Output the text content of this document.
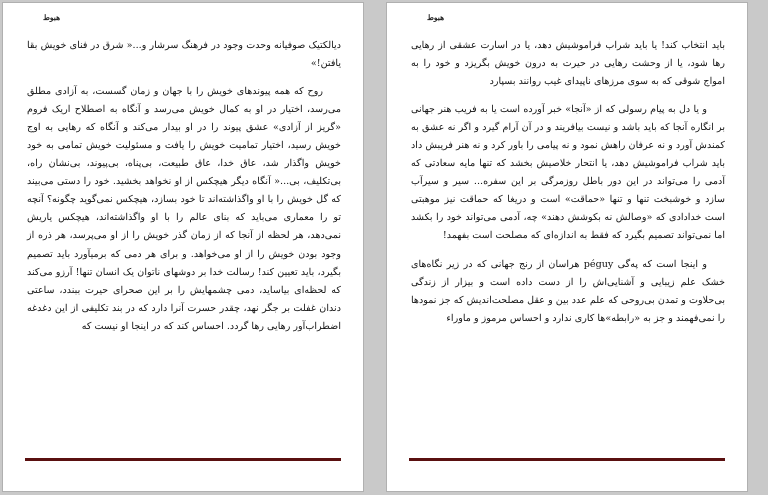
هبوط

دیالکتیک صوفیانه وحدت وجود در فرهنگ سرشار و...« شرق در فنای خویش بقا یافتن!»

روح که همه پیوندهای خویش را با جهان و زمان گسست، به آزادی مطلق می‌رسد، اختیار در او به کمال خویش می‌رسد و آنگاه به اصطلاح اریک فروم «گریز از آزادی» عشق پیوند را در او بیدار می‌کند و آنگاه که رهایی به اوج خویش رسید، اختیار تمامیت خویش را یافت و مسئولیت خویش تمامی به خود خویش واگذار شد، عاق خدا، عاق طبیعت، بی‌پناه، بی‌پیوند، بی‌نشان راه، بی‌تکلیف، بی...« آنگاه دیگر هیچکس از او نخواهد بخشید. خود را دستی می‌بیند که گل خویش را با او واگذاشته‌اند تا خود بسازد، هیچکس نمی‌گوید چگونه؟ آنچه تو را معماری می‌باید که بنای عالم را با او واگذاشته‌اند، هیچکس یاریش نمی‌دهد، هر لحظه از آنجا که از زمان گذر خویش را از او می‌پرسد، هر ذره از وجود بودن خویش را از او می‌خواهد. و برای هر دمی که برمیآورد باید تصمیم بگیرد، باید تعیین کند! رسالت خدا بر دوشهای ناتوان یک انسان تنها! آرزو می‌کند که لحظه‌ای بیاساید، دمی چشمهایش را بر این صحرای حیرت ببندد، ساعتی دندان غفلت بر جگر نهد، چقدر حسرت آنرا دارد که در بند تکلیفی از این دغدغه اضطراب‌آور رهایی رها گردد. احساس کند که در اینجا او نیست که

هبوط

باید انتخاب کند! یا باید شراب فراموشیش دهد، یا در اسارت عشقی از رهایی رها شود، یا از وحشت رهایی در حیرت به درون خویش بگریزد و خود را به امواج شوقی که به سوی مرزهای ناپیدای غیب روانند بسپارد

و یا دل به پیام رسولی که از «آنجا» خبر آورده است یا به فریب هنر جهانی بر انگاره آنجا که باید باشد و نیست بیافریند و در آن آرام گیرد و اگر نه عشق به کمندش آورد و نه عرفان راهش نمود و نه پیامی را باور کرد و نه هنر فریبش داد باید شراب فراموشیش دهد، یا انتحار خلاصیش بخشد که تنها مایه سعادتی که آدمی را می‌تواند در این دور باطل روزمرگی بر این سفره... سیر و سیرآب سازد و خوشبخت تنها و تنها «حماقت» است و دریغا که حماقت نیز موهبتی است خدادادی که «وصالش نه بکوشش دهند» چه، آدمی می‌تواند خود را بکشد اما نمی‌تواند تصمیم بگیرد که فقط به اندازه‌ای که مصلحت است بفهمد!

و اینجا است که په‌گی péguy هراسان از رنج جهانی که در زیر نگاه‌های خشک علم زیبایی و آشنایی‌اش را از دست داده است و بیزار از زندگی بی‌حلاوت و تمدن بی‌روحی که علم عدد بین و عقل مصلحت‌اندیش که جز نمودها را نمی‌فهمند و جز به «رابطه»ها کاری ندارد و احساس مرموز و ماوراء
